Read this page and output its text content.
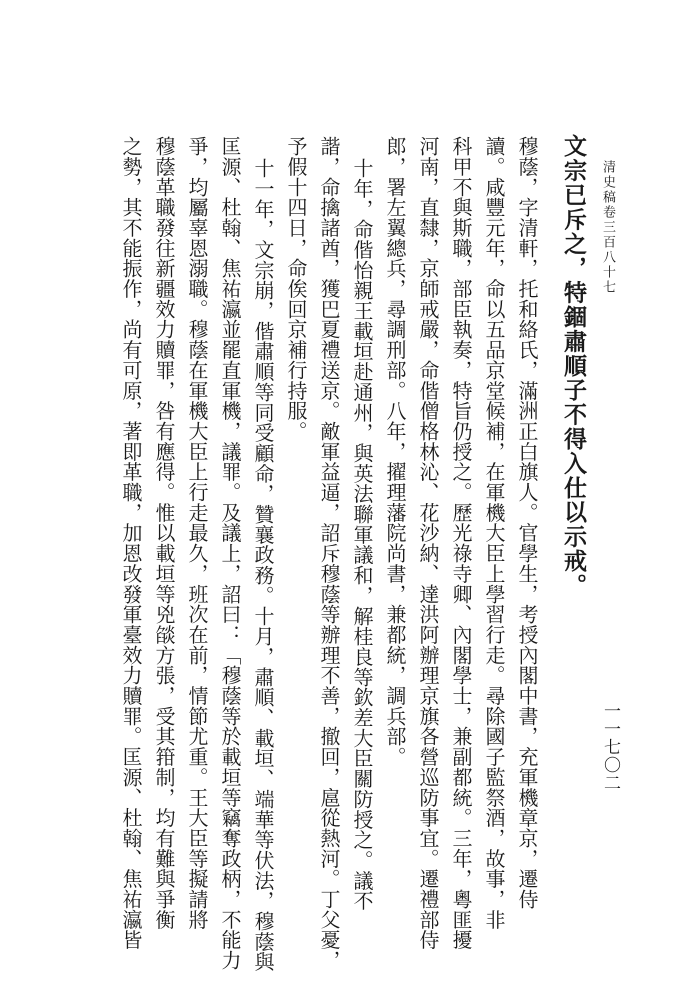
清史稿卷三百八十七
一一七〇二
文宗已斥之，特錮肅順子不得入仕以示戒。
穆蔭，字清軒，托和絡氏，滿洲正白旗人。官學生，考授內閣中書，充軍機章京，遷侍
讀。咸豐元年，命以五品京堂候補，在軍機大臣上學習行走。尋除國子監祭酒，故事，非
科甲不與斯職，部臣執奏，特旨仍授之。歷光祿寺卿、內閣學士，兼副都統。三年，粵匪擾
河南，直隸，京師戒嚴，命偕僧格林沁、花沙納、達洪阿辦理京旗各營巡防事宜。遷禮部侍
郎，署左翼總兵，尋調刑部。八年，擢理藩院尚書，兼都統，調兵部。
十年，命偕怡親王載垣赴通州，與英法聯軍議和，解桂良等欽差大臣關防授之。議不
諧，命擒諸酋，獲巴夏禮送京。敵軍益逼，詔斥穆蔭等辦理不善，撤回，扈從熱河。丁父憂，
予假十四日，命俟回京補行持服。
十一年，文宗崩，偕肅順等同受顧命，贊襄政務。十月，肅順、載垣、端華等伏法，穆蔭與
匡源、杜翰、焦祐瀛並罷直軍機，議罪。及議上，詔曰：「穆蔭等於載垣等竊奪政柄，不能力
爭，均屬辜恩溺職。穆蔭在軍機大臣上行走最久，班次在前，情節尤重。王大臣等擬請將
穆蔭革職發往新疆效力贖罪，咎有應得。惟以載垣等兇燄方張，受其箝制，均有難與爭衡
之勢，其不能振作，尚有可原，著即革職，加恩改發軍臺效力贖罪。匡源、杜翰、焦祐瀛皆
